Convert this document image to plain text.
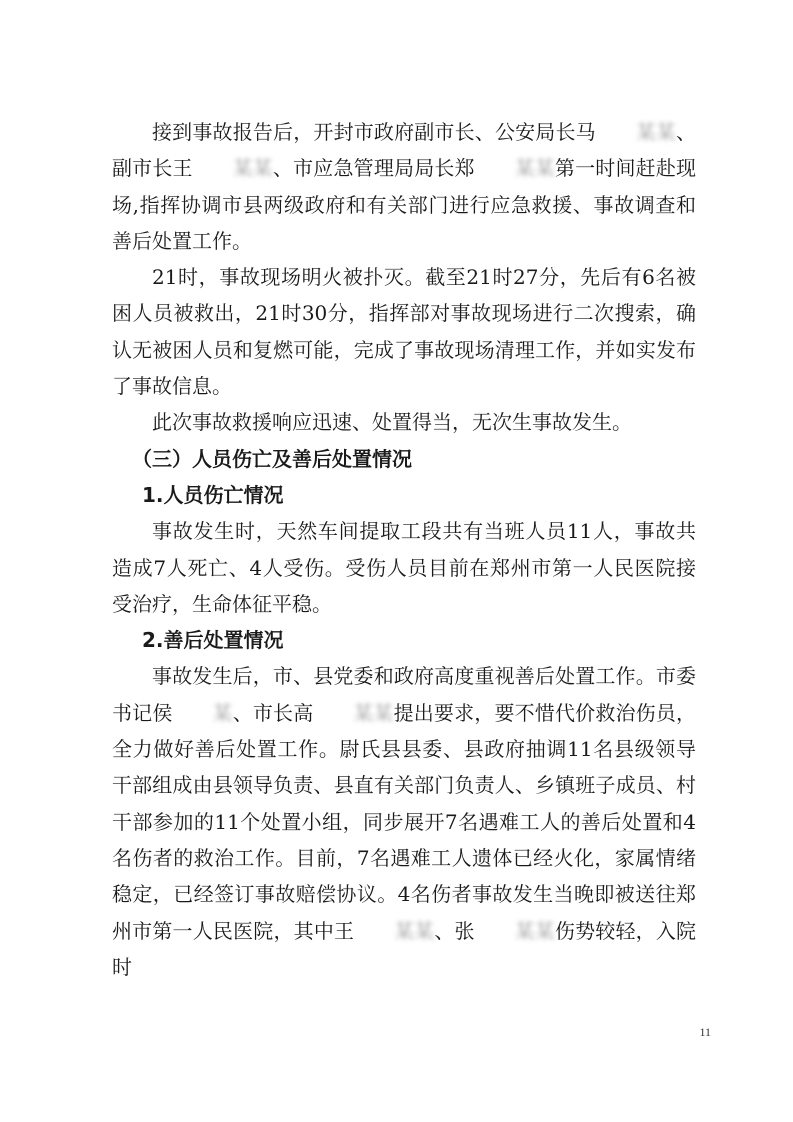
接到事故报告后，开封市政府副市长、公安局长马 某某、副市长王 某某、市应急管理局局长郑 某某第一时间赶赴现场,指挥协调市县两级政府和有关部门进行应急救援、事故调查和善后处置工作。

21时，事故现场明火被扑灭。截至21时27分，先后有6名被困人员被救出，21时30分，指挥部对事故现场进行二次搜索，确认无被困人员和复燃可能，完成了事故现场清理工作，并如实发布了事故信息。

此次事故救援响应迅速、处置得当，无次生事故发生。

（三）人员伤亡及善后处置情况

1.人员伤亡情况

事故发生时，天然车间提取工段共有当班人员11人，事故共造成7人死亡、4人受伤。受伤人员目前在郑州市第一人民医院接受治疗，生命体征平稳。

2.善后处置情况

事故发生后，市、县党委和政府高度重视善后处置工作。市委书记侯 某、市长高 某某提出要求，要不惜代价救治伤员，全力做好善后处置工作。尉氏县县委、县政府抽调11名县级领导干部组成由县领导负责、县直有关部门负责人、乡镇班子成员、村干部参加的11个处置小组，同步展开7名遇难工人的善后处置和4名伤者的救治工作。目前，7名遇难工人遗体已经火化，家属情绪稳定，已经签订事故赔偿协议。4名伤者事故发生当晚即被送往郑州市第一人民医院，其中王 某某、张 某某伤势较轻，入院时

11
